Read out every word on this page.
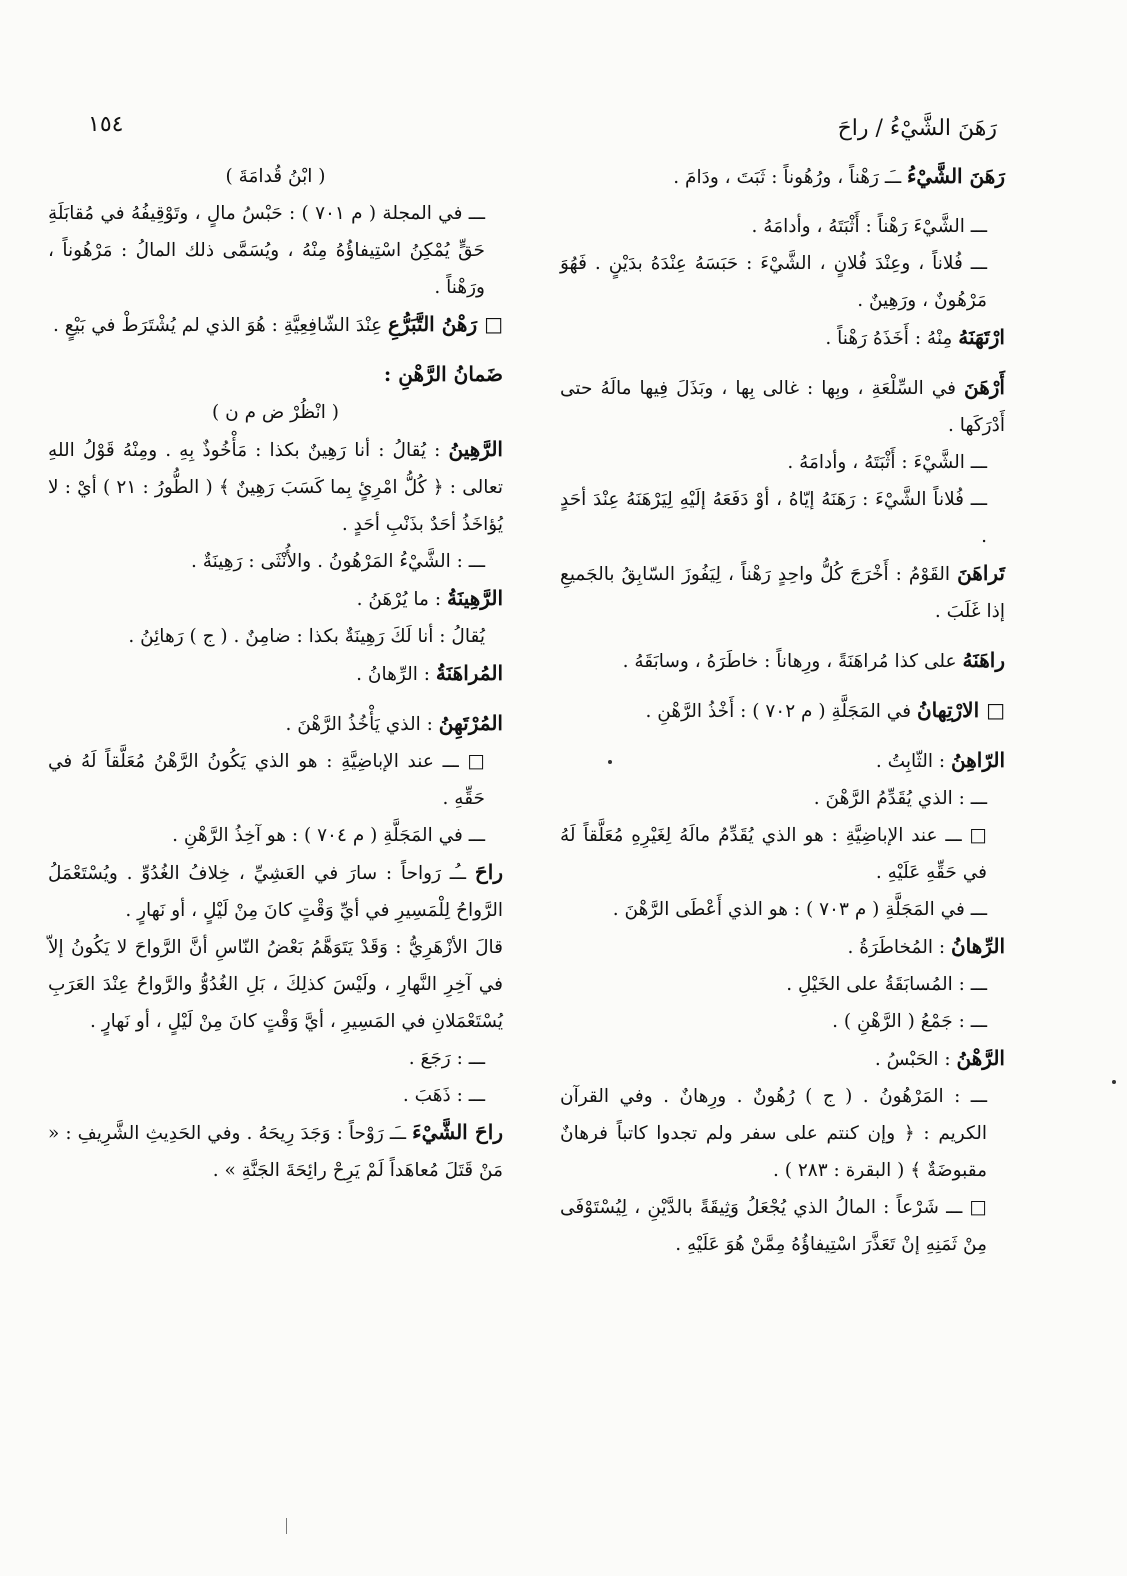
١٥٤	رَهَنَ الشَّيْءُ / راحَ

رَهَنَ الشَّيْءُ ــَـ رَهْناً ، ورُهُوناً : ثَبَتَ ، ودَامَ .

ـــ الشَّيْءَ رَهْناً : أَثْبَتَهُ ، وأدامَهُ .

ـــ فُلاناً ، وعِنْدَ فُلانٍ ، الشَّيْءَ : حَبَسَهُ عِنْدَهُ بدَيْنٍ . فَهُوَ مَرْهُونٌ ، ورَهِينٌ .

ارْتَهَنَهُ مِنْهُ : أَخَذَهُ رَهْناً .

أَرْهَنَ في السِّلْعَةِ ، وبِها : غالى بِها ، وبَذَلَ فِيها مالَهُ حتى أَدْرَكَها .

ـــ الشَّيْءَ : أَثْبَتَهُ ، وأدامَهُ .

ـــ فُلاناً الشَّيْءَ : رَهَنَهُ إيّاهُ ، أوْ دَفَعَهُ إلَيْهِ لِيَرْهَنَهُ عِنْدَ أحَدٍ .

تَراهَنَ القَوْمُ : أَخْرَجَ كُلُّ واحِدٍ رَهْناً ، لِيَفُوزَ السّابِقُ بالجَميعِ إذا غَلَبَ .

راهَنَهُ على كذا مُراهَنَةً ، ورِهاناً : خاطَرَهُ ، وسابَقَهُ .

□ الارْتِهانُ في المَجَلَّةِ ( م ٧٠٢ ) : أَخْذُ الرَّهْنِ .

الرّاهِنُ : الثّابِتُ .

ـــ : الذي يُقَدِّمُ الرَّهْنَ .

□ ـــ عند الإباضِيَّةِ : هو الذي يُقَدِّمُ مالَهُ لِغَيْرِهِ مُعَلَّقاً لَهُ في حَقِّهِ عَلَيْهِ .

ـــ في المَجَلَّةِ ( م ٧٠٣ ) : هو الذي أَعْطَى الرَّهْنَ .

الرِّهانُ : المُخاطَرَةُ .

ـــ : المُسابَقَةُ على الخَيْلِ .

ـــ : جَمْعُ ( الرَّهْنِ ) .

الرَّهْنُ : الحَبْسُ .

ـــ : المَرْهُونُ . ( ج ) رُهُونٌ . ورِهانٌ . وفي القرآن الكريم : ﴿ وإن كنتم على سفر ولم تجدوا كاتباً فرهانٌ مقبوضَةٌ ﴾ ( البقرة : ٢٨٣ ) .

□ ـــ شَرْعاً : المالُ الذي يُجْعَلُ وَثِيقَةً بالدَّيْنِ ، لِيُسْتَوْفَى مِنْ ثَمَنِهِ إنْ تَعَذَّرَ اسْتِيفاؤُهُ مِمَّنْ هُوَ عَلَيْهِ .

( ابْنُ قُدامَةَ )

ـــ في المجلة ( م ٧٠١ ) : حَبْسُ مالٍ ، وتَوْقِيفُهُ في مُقابَلَةِ حَقٍّ يُمْكِنُ اسْتِيفاؤُهُ مِنْهُ ، ويُسَمَّى ذلك المالُ : مَرْهُوناً ، ورَهْناً .

□ رَهْنُ التَّبَرُّعِ عِنْدَ الشّافِعِيَّةِ : هُوَ الذي لم يُشْتَرَطْ في بَيْعٍ .

ضَمانُ الرَّهْنِ :

( انْظُرْ ض م ن )

الرَّهِينُ : يُقالُ : أنا رَهِينٌ بكذا : مَأْخُوذٌ بِهِ . ومِنْهُ قَوْلُ اللهِ تعالى : ﴿ كُلُّ امْرِئٍ بِما كَسَبَ رَهِينٌ ﴾ ( الطُّورُ : ٢١ ) أيْ : لا يُؤاخَذُ أحَدٌ بذَنْبِ أحَدٍ .

ـــ : الشَّيْءُ المَرْهُونُ . والأُنْثَى : رَهِينَةٌ .

الرَّهِينَةُ : ما يُرْهَنُ .

يُقالُ : أنا لَكَ رَهِينَةٌ بكذا : ضامِنٌ . ( ج ) رَهائِنُ .

المُراهَنَةُ : الرِّهانُ .

المُرْتَهِنُ : الذي يَأْخُذُ الرَّهْنَ .

□ ـــ عند الإباضِيَّةِ : هو الذي يَكُونُ الرَّهْنُ مُعَلَّقاً لَهُ في حَقِّهِ .

ـــ في المَجَلَّةِ ( م ٧٠٤ ) : هو آخِذُ الرَّهْنِ .

راحَ ــُـ رَواحاً : سارَ في العَشِيِّ ، خِلافُ الغُدُوِّ . ويُسْتَعْمَلُ الرَّواحُ لِلْمَسِيرِ في أيِّ وَقْتٍ كانَ مِنْ لَيْلٍ ، أو نَهارٍ .

قالَ الأزْهَرِيُّ : وَقَدْ يَتَوَهَّمُ بَعْضُ النّاسِ أنَّ الرَّواحَ لا يَكُونُ إلاّ في آخِرِ النَّهارِ ، ولَيْسَ كذلِكَ ، بَلِ الغُدُوُّ والرَّواحُ عِنْدَ العَرَبِ يُسْتَعْمَلانِ في المَسِيرِ ، أيَّ وَقْتٍ كانَ مِنْ لَيْلٍ ، أو نَهارٍ .

ـــ : رَجَعَ .

ـــ : ذَهَبَ .

راحَ الشَّيْءَ ــَـ رَوْحاً : وَجَدَ رِيحَهُ . وفي الحَدِيثِ الشَّرِيفِ : « مَنْ قَتَلَ مُعاهَداً لَمْ يَرِحْ رائِحَةَ الجَنَّةِ » .
